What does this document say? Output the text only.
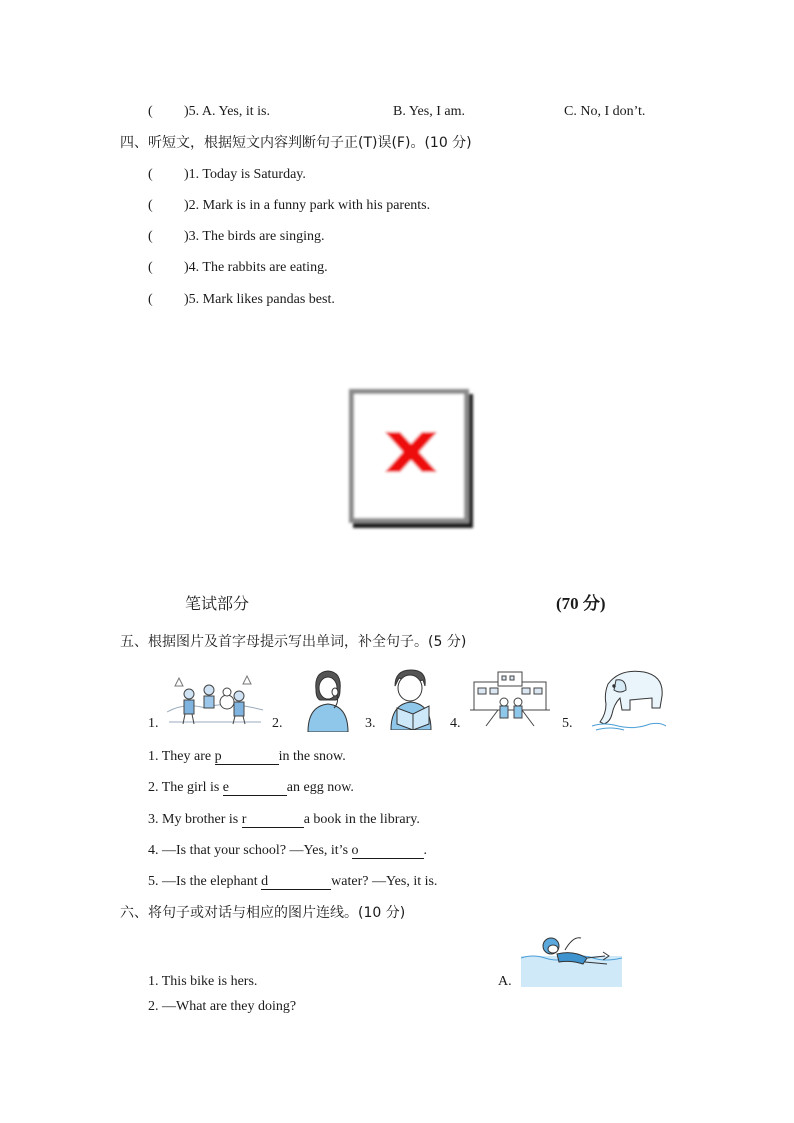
( )5. A. Yes, it is.	B. Yes, I am.	C. No, I don’t.
四、听短文，根据短文内容判断句子正(T)误(F)。(10 分)
( )1. Today is Saturday.
( )2. Mark is in a funny park with his parents.
( )3. The birds are singing.
( )4. The rabbits are eating.
( )5. Mark likes pandas best.
笔试部分	(70 分)
五、根据图片及首字母提示写出单词，补全句子。(5 分)
1.	2.	3.	4.	5.
1. They are p	in the snow.
2. The girl is e	an egg now.
3. My brother is r	a book in the library.
4. —Is that your school? —Yes, it’s o	.
5. —Is the elephant d	water? —Yes, it is.
六、将句子或对话与相应的图片连线。(10 分)
1. This bike is hers.
2. —What are they doing?
A.
